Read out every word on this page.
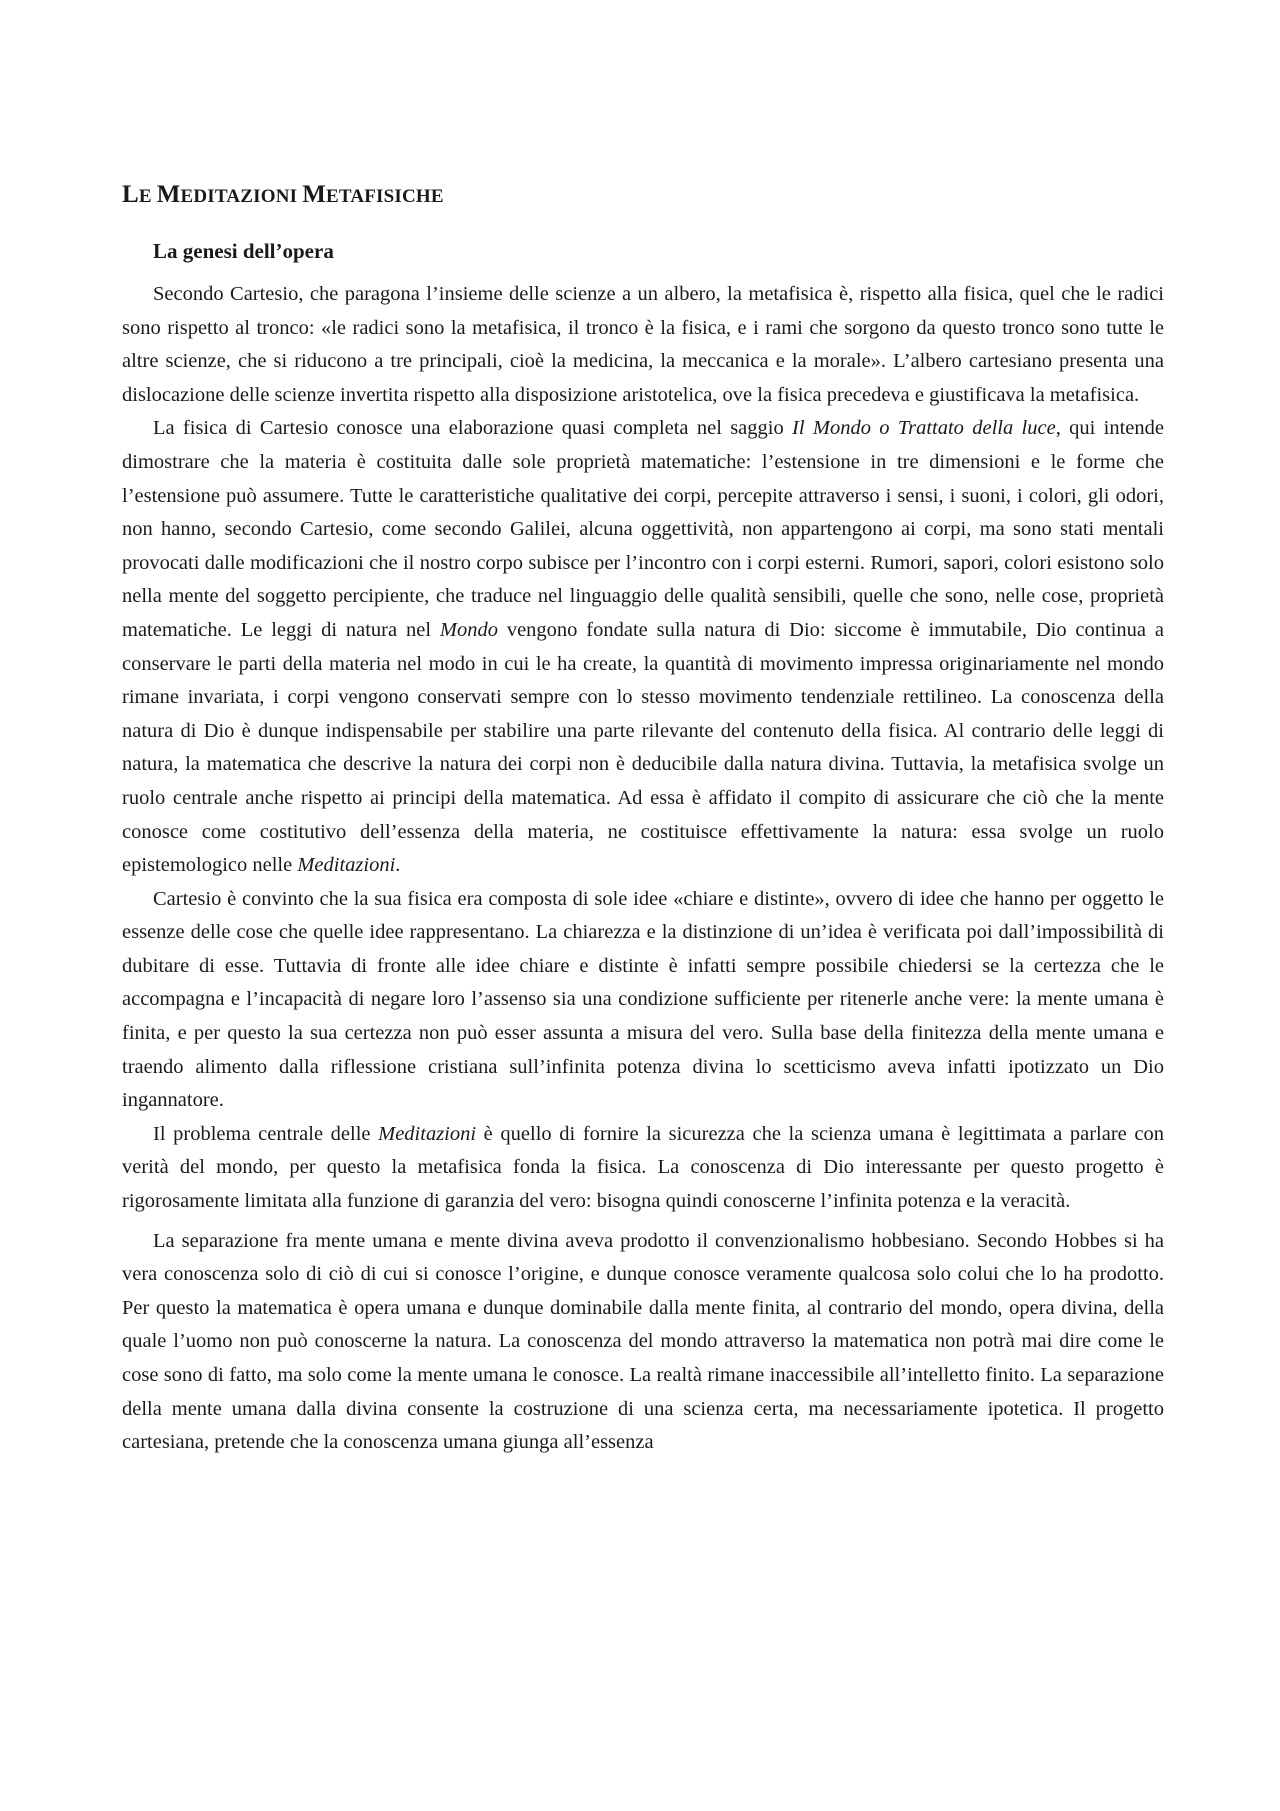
LE MEDITAZIONI METAFISICHE
La genesi dell’opera

Secondo Cartesio, che paragona l’insieme delle scienze a un albero, la metafisica è, rispetto alla fisica, quel che le radici sono rispetto al tronco: «le radici sono la metafisica, il tronco è la fisica, e i rami che sorgono da questo tronco sono tutte le altre scienze, che si riducono a tre principali, cioè la medicina, la meccanica e la morale». L’albero cartesiano presenta una dislocazione delle scienze invertita rispetto alla disposizione aristotelica, ove la fisica precedeva e giustificava la metafisica.

La fisica di Cartesio conosce una elaborazione quasi completa nel saggio Il Mondo o Trattato della luce, qui intende dimostrare che la materia è costituita dalle sole proprietà matematiche: l’estensione in tre dimensioni e le forme che l’estensione può assumere. Tutte le caratteristiche qualitative dei corpi, percepite attraverso i sensi, i suoni, i colori, gli odori, non hanno, secondo Cartesio, come secondo Galilei, alcuna oggettività, non appartengono ai corpi, ma sono stati mentali provocati dalle modificazioni che il nostro corpo subisce per l’incontro con i corpi esterni. Rumori, sapori, colori esistono solo nella mente del soggetto percipiente, che traduce nel linguaggio delle qualità sensibili, quelle che sono, nelle cose, proprietà matematiche. Le leggi di natura nel Mondo vengono fondate sulla natura di Dio: siccome è immutabile, Dio continua a conservare le parti della materia nel modo in cui le ha create, la quantità di movimento impressa originariamente nel mondo rimane invariata, i corpi vengono conservati sempre con lo stesso movimento tendenziale rettilineo. La conoscenza della natura di Dio è dunque indispensabile per stabilire una parte rilevante del contenuto della fisica. Al contrario delle leggi di natura, la matematica che descrive la natura dei corpi non è deducibile dalla natura divina. Tuttavia, la metafisica svolge un ruolo centrale anche rispetto ai principi della matematica. Ad essa è affidato il compito di assicurare che ciò che la mente conosce come costitutivo dell’essenza della materia, ne costituisce effettivamente la natura: essa svolge un ruolo epistemologico nelle Meditazioni.

Cartesio è convinto che la sua fisica era composta di sole idee «chiare e distinte», ovvero di idee che hanno per oggetto le essenze delle cose che quelle idee rappresentano. La chiarezza e la distinzione di un’idea è verificata poi dall’impossibilità di dubitare di esse. Tuttavia di fronte alle idee chiare e distinte è infatti sempre possibile chiedersi se la certezza che le accompagna e l’incapacità di negare loro l’assenso sia una condizione sufficiente per ritenerle anche vere: la mente umana è finita, e per questo la sua certezza non può esser assunta a misura del vero. Sulla base della finitezza della mente umana e traendo alimento dalla riflessione cristiana sull’infinita potenza divina lo scetticismo aveva infatti ipotizzato un Dio ingannatore.

Il problema centrale delle Meditazioni è quello di fornire la sicurezza che la scienza umana è legittimata a parlare con verità del mondo, per questo la metafisica fonda la fisica. La conoscenza di Dio interessante per questo progetto è rigorosamente limitata alla funzione di garanzia del vero: bisogna quindi conoscerne l’infinita potenza e la veracità.

La separazione fra mente umana e mente divina aveva prodotto il convenzionalismo hobbesiano. Secondo Hobbes si ha vera conoscenza solo di ciò di cui si conosce l’origine, e dunque conosce veramente qualcosa solo colui che lo ha prodotto. Per questo la matematica è opera umana e dunque dominabile dalla mente finita, al contrario del mondo, opera divina, della quale l’uomo non può conoscerne la natura. La conoscenza del mondo attraverso la matematica non potrà mai dire come le cose sono di fatto, ma solo come la mente umana le conosce. La realtà rimane inaccessibile all’intelletto finito. La separazione della mente umana dalla divina consente la costruzione di una scienza certa, ma necessariamente ipotetica. Il progetto cartesiana, pretende che la conoscenza umana giunga all’essenza
